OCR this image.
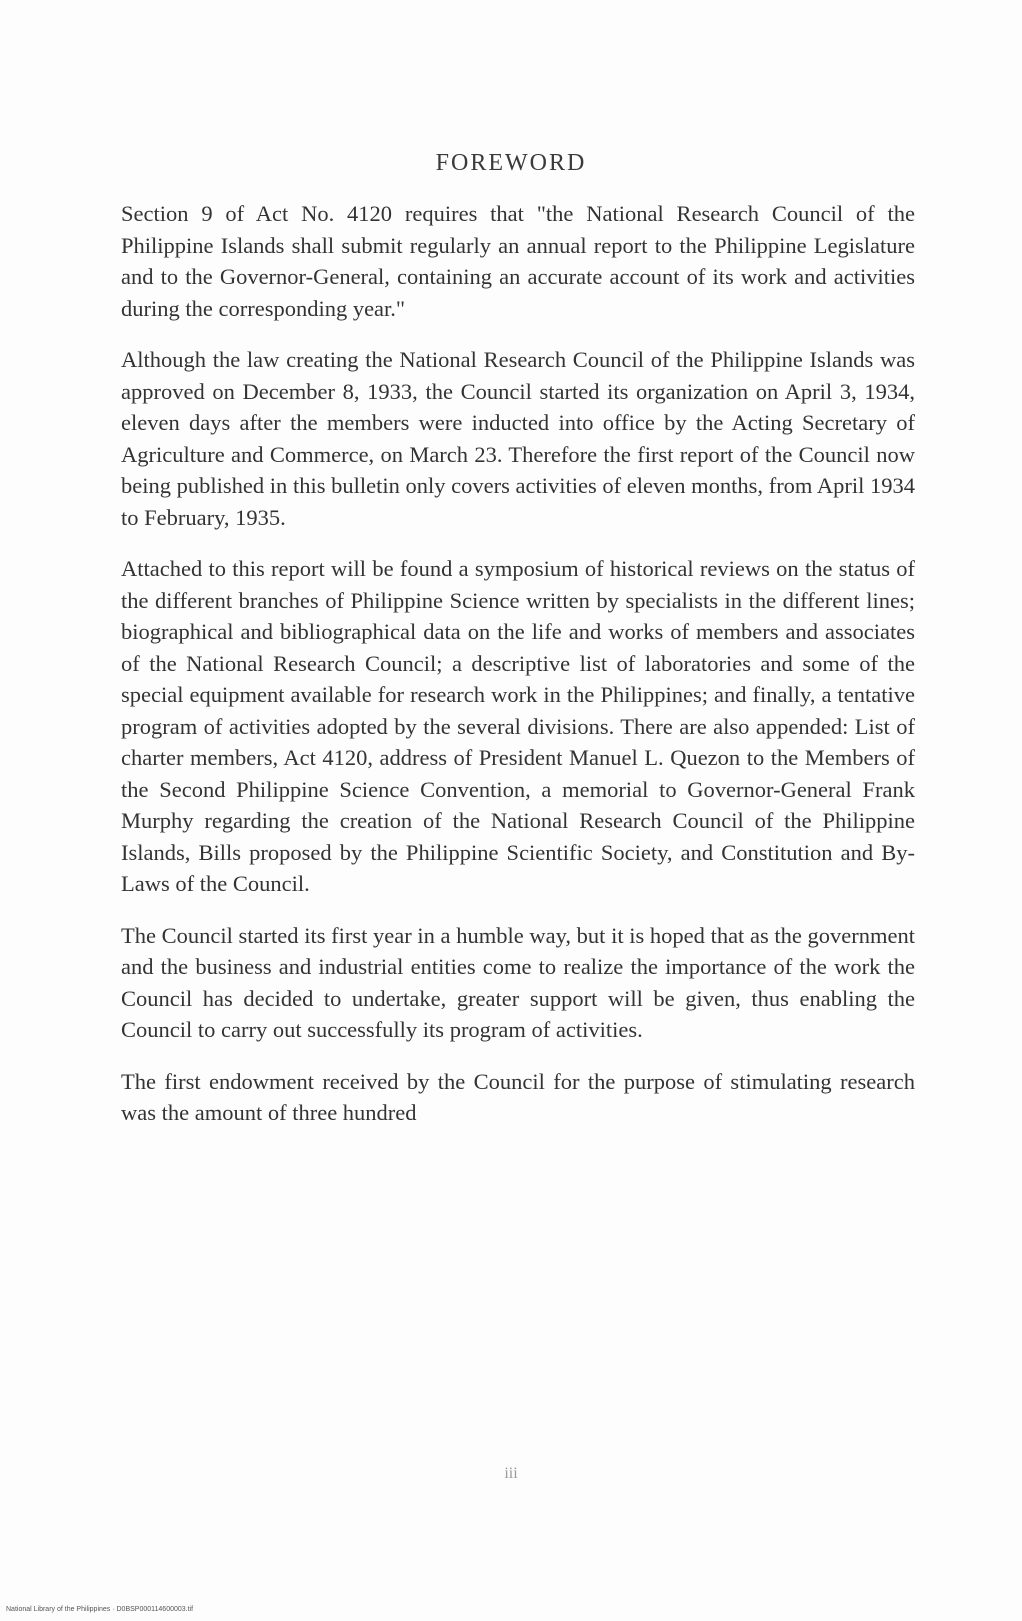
FOREWORD

Section 9 of Act No. 4120 requires that "the National Research Council of the Philippine Islands shall submit regularly an annual report to the Philippine Legislature and to the Governor-General, containing an accurate account of its work and activities during the corresponding year."

Although the law creating the National Research Council of the Philippine Islands was approved on December 8, 1933, the Council started its organization on April 3, 1934, eleven days after the members were inducted into office by the Acting Secretary of Agriculture and Commerce, on March 23. Therefore the first report of the Council now being published in this bulletin only covers activities of eleven months, from April 1934 to February, 1935.

Attached to this report will be found a symposium of historical reviews on the status of the different branches of Philippine Science written by specialists in the different lines; biographical and bibliographical data on the life and works of members and associates of the National Research Council; a descriptive list of laboratories and some of the special equipment available for research work in the Philippines; and finally, a tentative program of activities adopted by the several divisions. There are also appended: List of charter members, Act 4120, address of President Manuel L. Quezon to the Members of the Second Philippine Science Convention, a memorial to Governor-General Frank Murphy regarding the creation of the National Research Council of the Philippine Islands, Bills proposed by the Philippine Scientific Society, and Constitution and By-Laws of the Council.

The Council started its first year in a humble way, but it is hoped that as the government and the business and industrial entities come to realize the importance of the work the Council has decided to undertake, greater support will be given, thus enabling the Council to carry out successfully its program of activities.

The first endowment received by the Council for the purpose of stimulating research was the amount of three hundred

iii
National Library of the Philippines · D0BSP000114600003.tif
